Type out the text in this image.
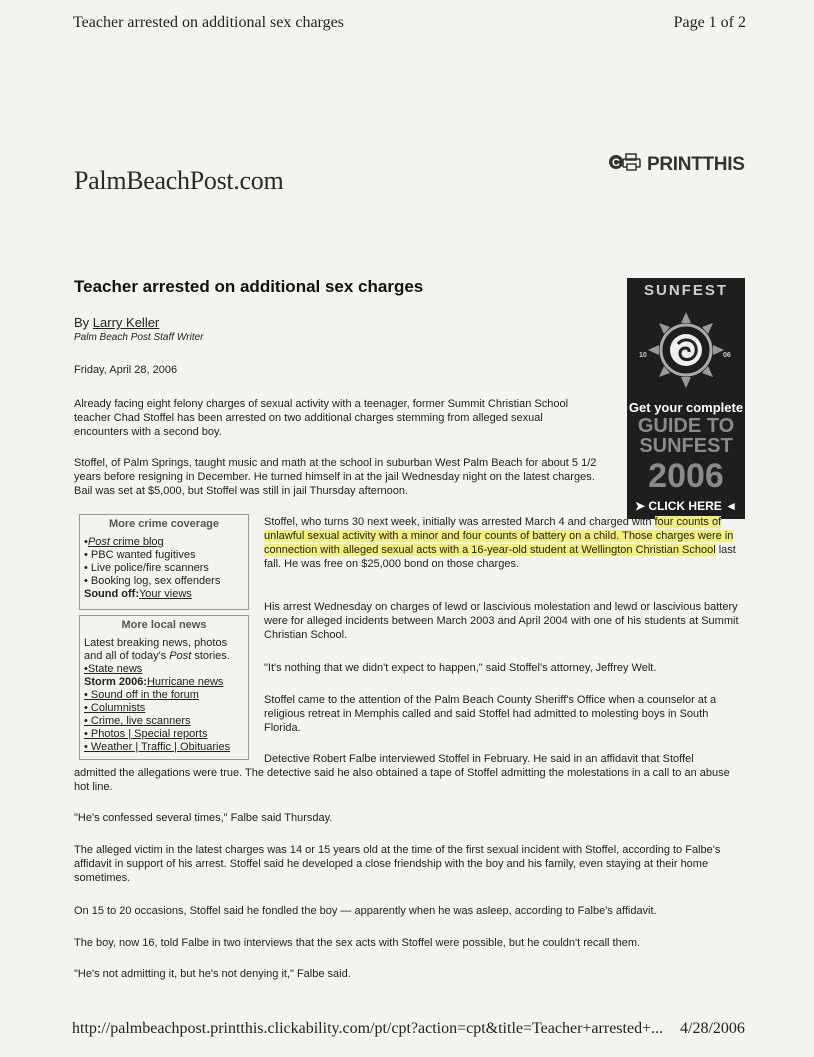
Teacher arrested on additional sex charges	Page 1 of 2
PalmBeachPost.com
C PRINTTHIS
Teacher arrested on additional sex charges
By Larry Keller
Palm Beach Post Staff Writer
Friday, April 28, 2006

Already facing eight felony charges of sexual activity with a teenager, former Summit Christian School teacher Chad Stoffel has been arrested on two additional charges stemming from alleged sexual encounters with a second boy.

Stoffel, of Palm Springs, taught music and math at the school in suburban West Palm Beach for about 5 1/2 years before resigning in December. He turned himself in at the jail Wednesday night on the latest charges. Bail was set at $5,000, but Stoffel was still in jail Thursday afternoon.

SUNFEST
10	06
Get your complete
GUIDE TO
SUNFEST
2006
➤ CLICK HERE ◄
More crime coverage
•Post crime blog
• PBC wanted fugitives
• Live police/fire scanners
• Booking log, sex offenders
Sound off:Your views
More local news
Latest breaking news, photos
and all of today's Post stories.
•State news
Storm 2006:Hurricane news
• Sound off in the forum
• Columnists
• Crime, live scanners
• Photos | Special reports
• Weather | Traffic | Obituaries

Stoffel, who turns 30 next week, initially was arrested March 4 and charged with four counts of unlawful sexual activity with a minor and four counts of battery on a child. Those charges were in connection with alleged sexual acts with a 16-year-old student at Wellington Christian School last fall. He was free on $25,000 bond on those charges.

His arrest Wednesday on charges of lewd or lascivious molestation and lewd or lascivious battery were for alleged incidents between March 2003 and April 2004 with one of his students at Summit Christian School.

"It's nothing that we didn't expect to happen," said Stoffel's attorney, Jeffrey Welt.

Stoffel came to the attention of the Palm Beach County Sheriff's Office when a counselor at a religious retreat in Memphis called and said Stoffel had admitted to molesting boys in South Florida.

Detective Robert Falbe interviewed Stoffel in February. He said in an affidavit that Stoffel

admitted the allegations were true. The detective said he also obtained a tape of Stoffel admitting the molestations in a call to an abuse hot line.

"He's confessed several times," Falbe said Thursday.

The alleged victim in the latest charges was 14 or 15 years old at the time of the first sexual incident with Stoffel, according to Falbe's affidavit in support of his arrest. Stoffel said he developed a close friendship with the boy and his family, even staying at their home sometimes.

On 15 to 20 occasions, Stoffel said he fondled the boy — apparently when he was asleep, according to Falbe's affidavit.

The boy, now 16, told Falbe in two interviews that the sex acts with Stoffel were possible, but he couldn't recall them.

"He's not admitting it, but he's not denying it," Falbe said.

http://palmbeachpost.printthis.clickability.com/pt/cpt?action=cpt&title=Teacher+arrested+... 4/28/2006
